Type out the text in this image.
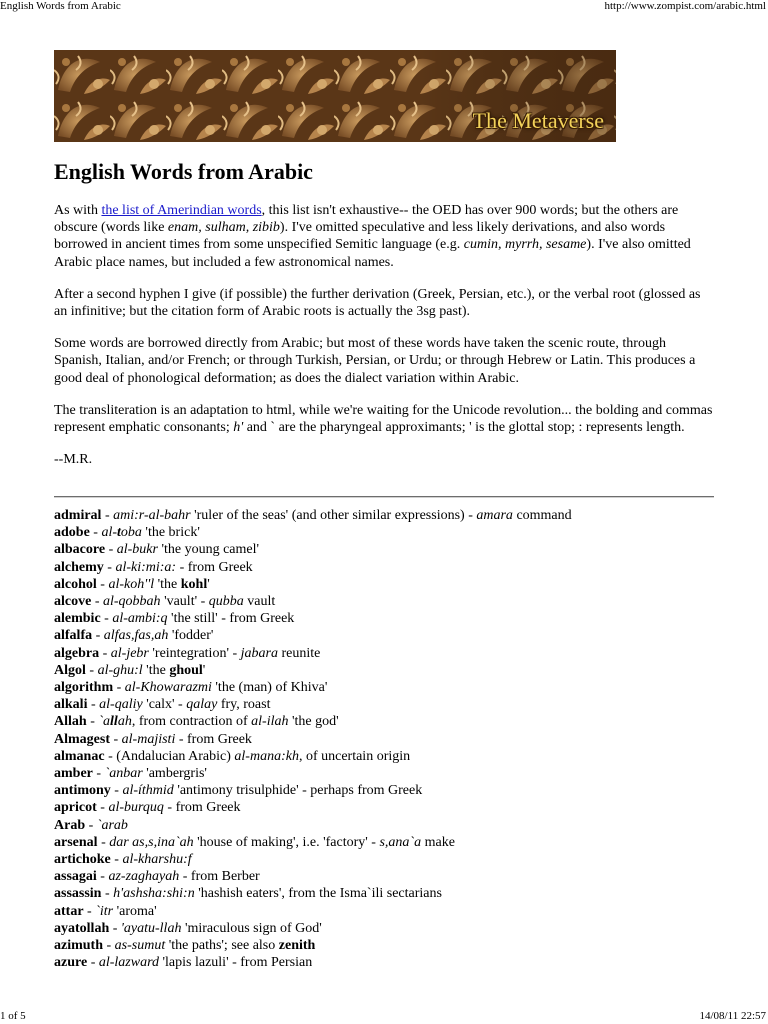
English Words from Arabic	http://www.zompist.com/arabic.html
The Metaverse
English Words from Arabic

As with the list of Amerindian words, this list isn't exhaustive-- the OED has over 900 words; but the others are obscure (words like enam, sulham, zibib). I've omitted speculative and less likely derivations, and also words borrowed in ancient times from some unspecified Semitic language (e.g. cumin, myrrh, sesame). I've also omitted Arabic place names, but included a few astronomical names.

After a second hyphen I give (if possible) the further derivation (Greek, Persian, etc.), or the verbal root (glossed as an infinitive; but the citation form of Arabic roots is actually the 3sg past).

Some words are borrowed directly from Arabic; but most of these words have taken the scenic route, through Spanish, Italian, and/or French; or through Turkish, Persian, or Urdu; or through Hebrew or Latin. This produces a good deal of phonological deformation; as does the dialect variation within Arabic.

The transliteration is an adaptation to html, while we're waiting for the Unicode revolution... the bolding and commas represent emphatic consonants; h' and ` are the pharyngeal approximants; ' is the glottal stop; : represents length.

--M.R.

admiral - ami:r-al-bahr 'ruler of the seas' (and other similar expressions) - amara command
adobe - al-toba 'the brick'
albacore - al-bukr 'the young camel'
alchemy - al-ki:mi:a: - from Greek
alcohol - al-koh''l 'the kohl'
alcove - al-qobbah 'vault' - qubba vault
alembic - al-ambi:q 'the still' - from Greek
alfalfa - alfas,fas,ah 'fodder'
algebra - al-jebr 'reintegration' - jabara reunite
Algol - al-ghu:l 'the ghoul'
algorithm - al-Khowarazmi 'the (man) of Khiva'
alkali - al-qaliy 'calx' - qalay fry, roast
Allah - `allah, from contraction of al-ilah 'the god'
Almagest - al-majisti - from Greek
almanac - (Andalucian Arabic) al-mana:kh, of uncertain origin
amber - `anbar 'ambergris'
antimony - al-íthmid 'antimony trisulphide' - perhaps from Greek
apricot - al-burquq - from Greek
Arab - `arab
arsenal - dar as,s,ina`ah 'house of making', i.e. 'factory' - s,ana`a make
artichoke - al-kharshu:f
assagai - az-zaghayah - from Berber
assassin - h'ashsha:shi:n 'hashish eaters', from the Isma`ili sectarians
attar - `itr 'aroma'
ayatollah - 'ayatu-llah 'miraculous sign of God'
azimuth - as-sumut 'the paths'; see also zenith
azure - al-lazward 'lapis lazuli' - from Persian
1 of 5	14/08/11 22:57
